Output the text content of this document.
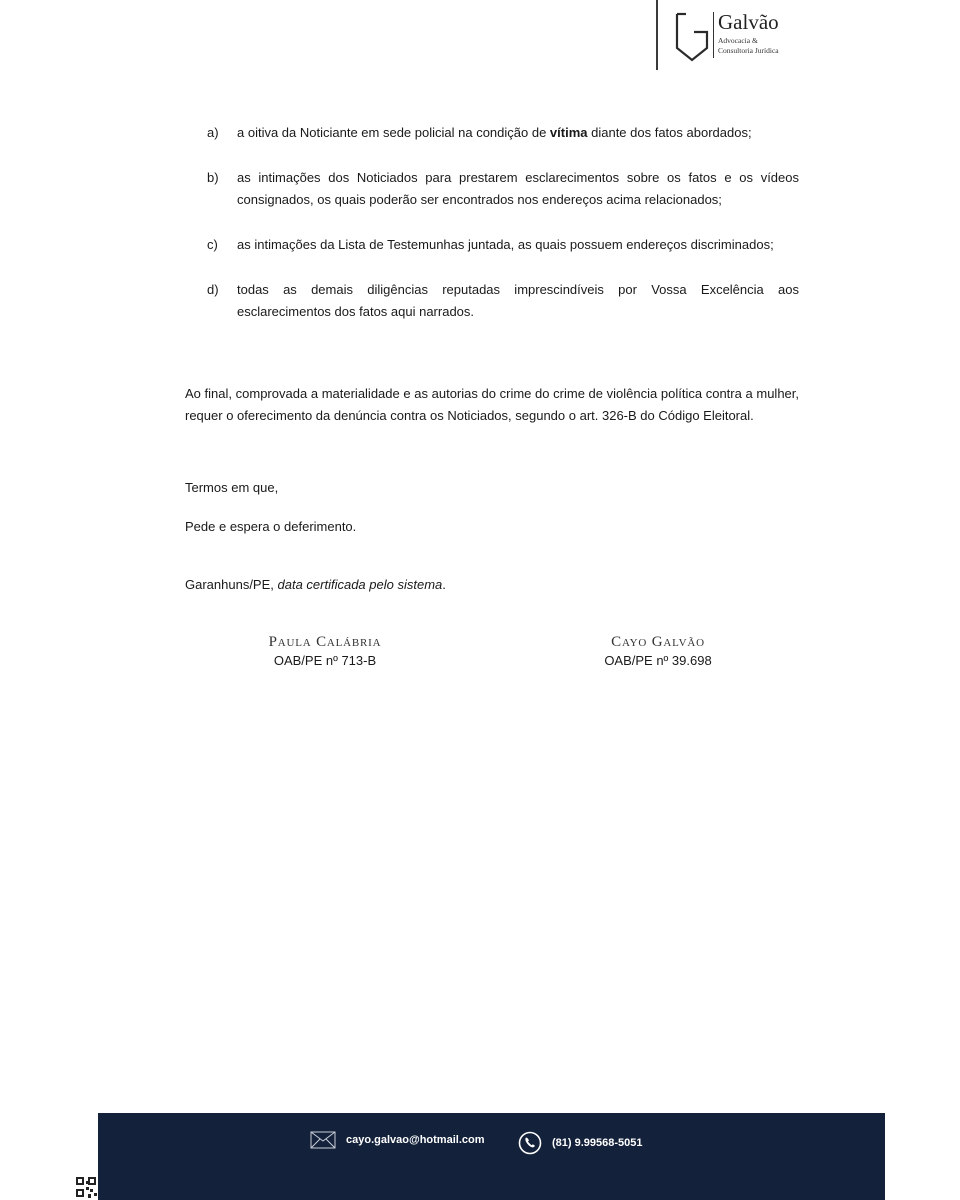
Galvão
Advocacia &
Consultoria Jurídica
a)	a oitiva da Noticiante em sede policial na condição de vítima diante dos fatos abordados;
b)	as intimações dos Noticiados para prestarem esclarecimentos sobre os fatos e os vídeos consignados, os quais poderão ser encontrados nos endereços acima relacionados;
c)	as intimações da Lista de Testemunhas juntada, as quais possuem endereços discriminados;
d)	todas as demais diligências reputadas imprescindíveis por Vossa Excelência aos esclarecimentos dos fatos aqui narrados.
Ao final, comprovada a materialidade e as autorias do crime do crime de violência política contra a mulher, requer o oferecimento da denúncia contra os Noticiados, segundo o art. 326-B do Código Eleitoral.
Termos em que,
Pede e espera o deferimento.
Garanhuns/PE, data certificada pelo sistema.
Paula Calábria
OAB/PE nº 713-B
Cayo Galvão
OAB/PE nº 39.698
cayo.galvao@hotmail.com	(81) 9.99568-5051
